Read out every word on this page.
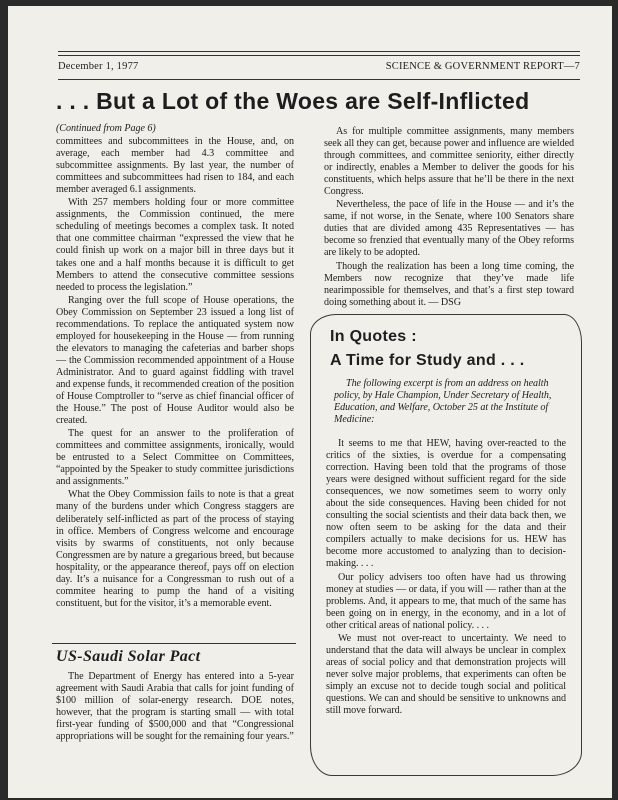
December 1, 1977	SCIENCE & GOVERNMENT REPORT—7
. . . But a Lot of the Woes are Self-Inflicted

(Continued from Page 6)

committees and subcommittees in the House, and, on average, each member had 4.3 committee and subcommittee assignments. By last year, the number of committees and subcommittees had risen to 184, and each member averaged 6.1 assignments.

With 257 members holding four or more committee assignments, the Commission continued, the mere scheduling of meetings becomes a complex task. It noted that one committee chairman “expressed the view that he could finish up work on a major bill in three days but it takes one and a half months because it is difficult to get Members to attend the consecutive committee sessions needed to process the legislation.”

Ranging over the full scope of House operations, the Obey Commission on September 23 issued a long list of recommendations. To replace the antiquated system now employed for housekeeping in the House — from running the elevators to managing the cafeterias and barber shops — the Commission recommended appointment of a House Administrator. And to guard against fiddling with travel and expense funds, it recommended creation of the position of House Comptroller to “serve as chief financial officer of the House.” The post of House Auditor would also be created.

The quest for an answer to the proliferation of committees and committee assignments, ironically, would be entrusted to a Select Committee on Committees, “appointed by the Speaker to study committee jurisdictions and assignments.”

What the Obey Commission fails to note is that a great many of the burdens under which Congress staggers are deliberately self-inflicted as part of the process of staying in office. Members of Congress welcome and encourage visits by swarms of constituents, not only because Congressmen are by nature a gregarious breed, but because hospitality, or the appearance thereof, pays off on election day. It’s a nuisance for a Congressman to rush out of a commitee hearing to pump the hand of a visiting constituent, but for the visitor, it’s a memorable event.

As for multiple committee assignments, many members seek all they can get, because power and influence are wielded through committees, and committee seniority, either directly or indirectly, enables a Member to deliver the goods for his constituents, which helps assure that he’ll be there in the next Congress.

Nevertheless, the pace of life in the House — and it’s the same, if not worse, in the Senate, where 100 Senators share duties that are divided among 435 Representatives — has become so frenzied that eventually many of the Obey reforms are likely to be adopted.

Though the realization has been a long time coming, the Members now recognize that they’ve made life nearimpossible for themselves, and that’s a first step toward doing something about it. — DSG

US-Saudi Solar Pact

The Department of Energy has entered into a 5-year agreement with Saudi Arabia that calls for joint funding of $100 million of solar-energy research. DOE notes, however, that the program is starting small — with total first-year funding of $500,000 and that “Congressional appropriations will be sought for the remaining four years.”

In Quotes :
A Time for Study and . . .

The following excerpt is from an address on health policy, by Hale Champion, Under Secretary of Health, Education, and Welfare, October 25 at the Institute of Medicine:

It seems to me that HEW, having over-reacted to the critics of the sixties, is overdue for a compensating correction. Having been told that the programs of those years were designed without sufficient regard for the side consequences, we now sometimes seem to worry only about the side consequences. Having been chided for not consulting the social scientists and their data back then, we now often seem to be asking for the data and their compilers actually to make decisions for us. HEW has become more accustomed to analyzing than to decision-making. . . .

Our policy advisers too often have had us throwing money at studies — or data, if you will — rather than at the problems. And, it appears to me, that much of the same has been going on in energy, in the economy, and in a lot of other critical areas of national policy. . . .

We must not over-react to uncertainty. We need to understand that the data will always be unclear in complex areas of social policy and that demonstration projects will never solve major problems, that experiments can often be simply an excuse not to decide tough social and political questions. We can and should be sensitive to unknowns and still move forward.
